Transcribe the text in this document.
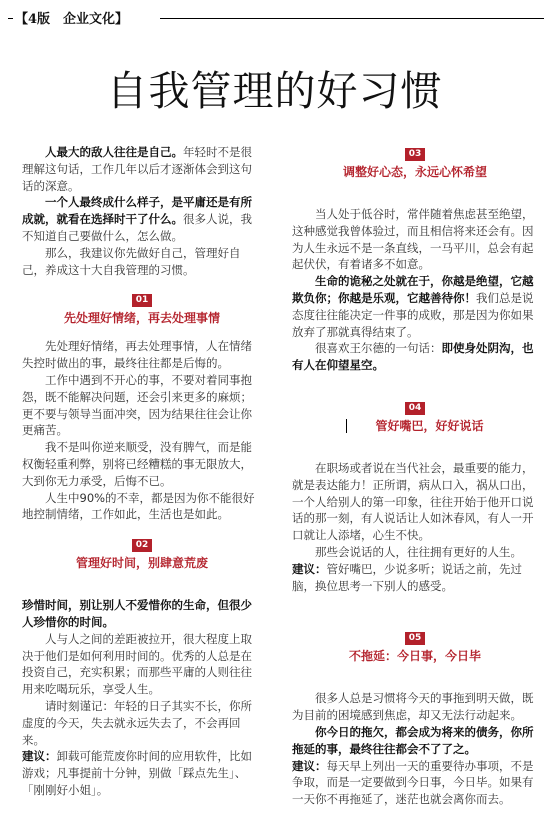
【4版　企业文化】
自我管理的好习惯

人最大的敌人往往是自己。年轻时不是很理解这句话，工作几年以后才逐渐体会到这句话的深意。

一个人最终成什么样子，是平庸还是有所成就，就看在选择时干了什么。很多人说，我不知道自己要做什么，怎么做。

那么，我建议你先做好自己，管理好自己，养成这十大自我管理的习惯。

01
先处理好情绪，再去处理事情

先处理好情绪，再去处理事情，人在情绪失控时做出的事，最终往往都是后悔的。

工作中遇到不开心的事，不要对着同事抱怨，既不能解决问题，还会引来更多的麻烦；更不要与领导当面冲突，因为结果往往会让你更痛苦。

我不是叫你逆来顺受，没有脾气，而是能权衡轻重利弊，别将已经糟糕的事无限放大，大到你无力承受，后悔不已。

人生中90%的不幸，都是因为你不能很好地控制情绪，工作如此，生活也是如此。

02
管理好时间，别肆意荒废

珍惜时间，别让别人不爱惜你的生命，但很少人珍惜你的时间。

人与人之间的差距被拉开，很大程度上取决于他们是如何利用时间的。优秀的人总是在投资自己，充实积累；而那些平庸的人则往往用来吃喝玩乐，享受人生。

请时刻谨记：年轻的日子其实不长，你所虚度的今天，失去就永远失去了，不会再回来。

建议：卸载可能荒废你时间的应用软件，比如游戏；凡事提前十分钟，别做「踩点先生」、「刚刚好小姐」。

03
调整好心态，永远心怀希望

当人处于低谷时，常伴随着焦虑甚至绝望，这种感觉我曾体验过，而且相信将来还会有。因为人生永远不是一条直线，一马平川，总会有起起伏伏，有着诸多不如意。

生命的诡秘之处就在于，你越是绝望，它越欺负你；你越是乐观，它越善待你！我们总是说态度往往能决定一件事的成败，那是因为你如果放弃了那就真得结束了。

很喜欢王尔德的一句话：即使身处阴沟，也有人在仰望星空。

04
管好嘴巴，好好说话

在职场或者说在当代社会，最重要的能力，就是表达能力！正所谓，病从口入，祸从口出，一个人给别人的第一印象，往往开始于他开口说话的那一刻，有人说话让人如沐春风，有人一开口就让人添堵，心生不快。

那些会说话的人，往往拥有更好的人生。

建议：管好嘴巴，少说多听；说话之前，先过脑，换位思考一下别人的感受。

05
不拖延：今日事，今日毕

很多人总是习惯将今天的事拖到明天做，既为目前的困境感到焦虑，却又无法行动起来。

你今日的拖欠，都会成为将来的债务，你所拖延的事，最终往往都会不了了之。

建议：每天早上列出一天的重要待办事项，不是争取，而是一定要做到今日事，今日毕。如果有一天你不再拖延了，迷茫也就会离你而去。
